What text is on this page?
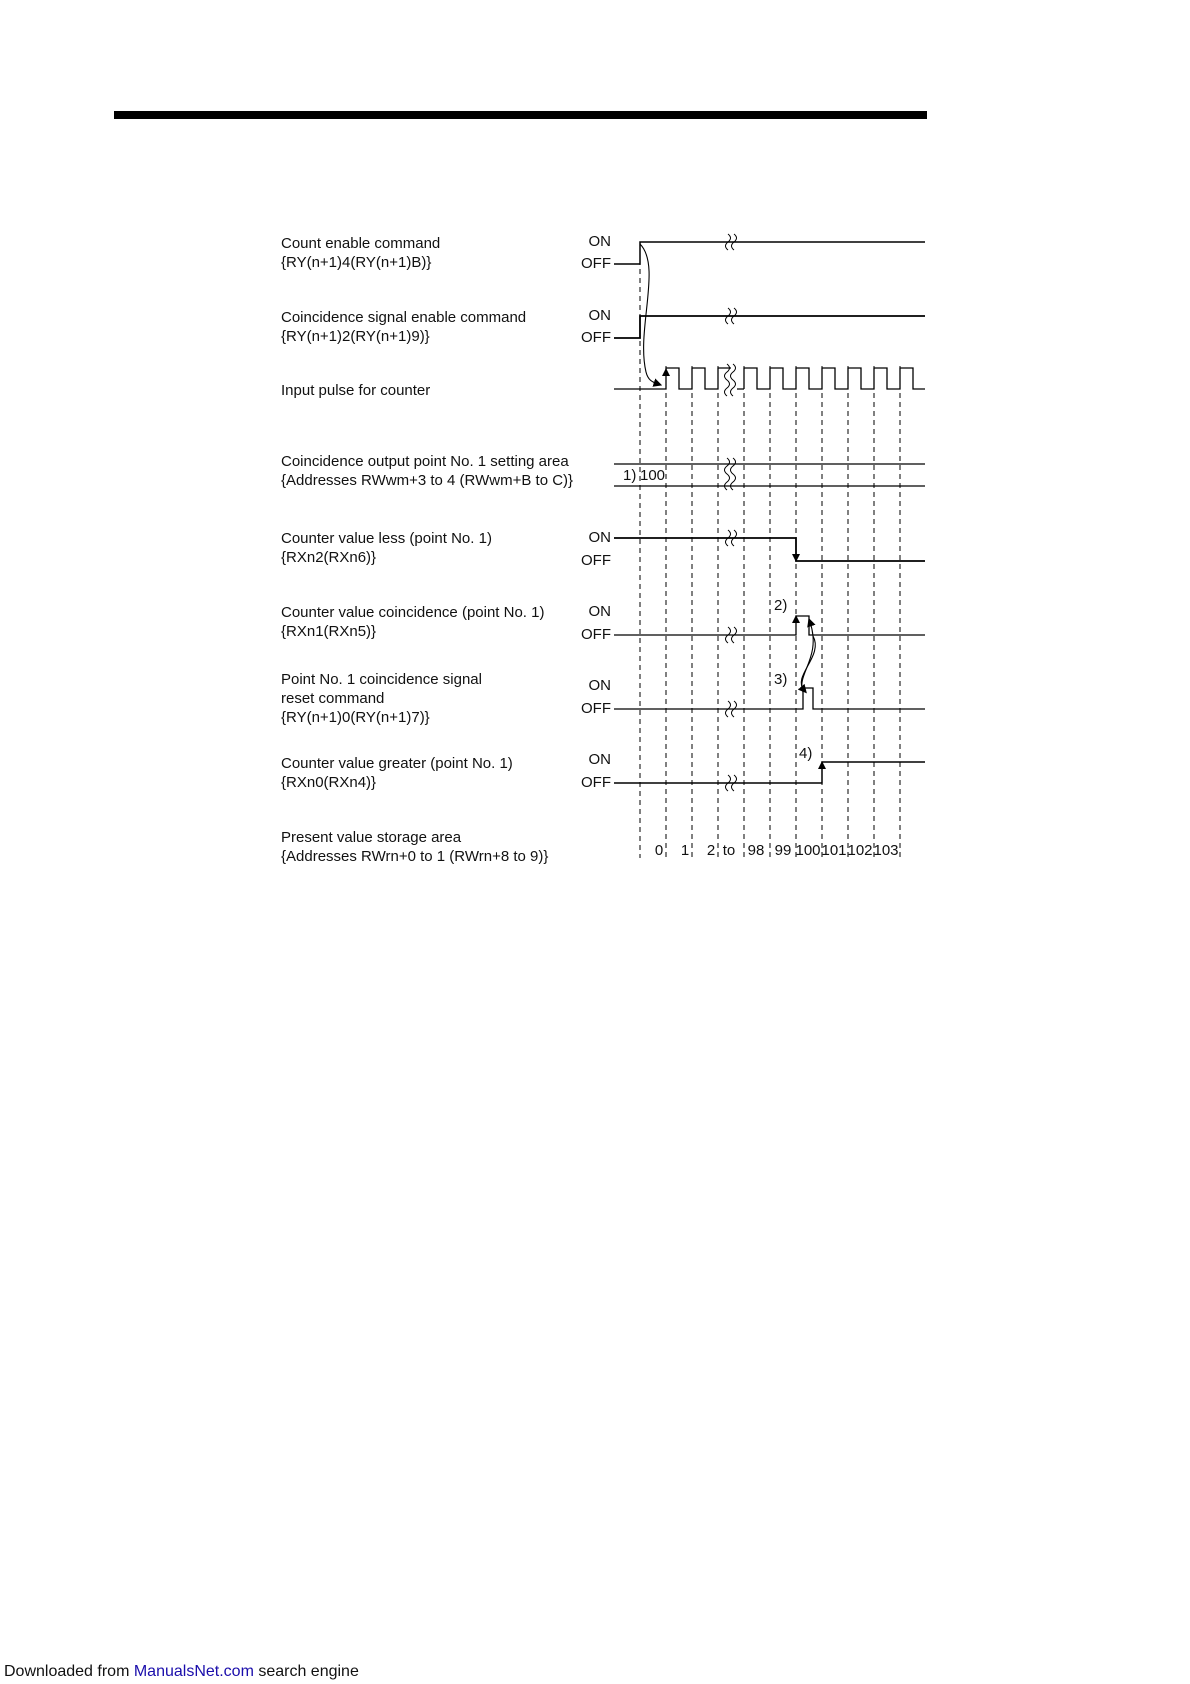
Count enable command
{RY(n+1)4(RY(n+1)B)}
Coincidence signal enable command
{RY(n+1)2(RY(n+1)9)}
Input pulse for counter
Coincidence output point No. 1 setting area
{Addresses RWwm+3 to 4 (RWwm+B to C)}
Counter value less (point No. 1)
{RXn2(RXn6)}
Counter value coincidence (point No. 1)
{RXn1(RXn5)}
Point No. 1 coincidence signal
reset command
{RY(n+1)0(RY(n+1)7)}
Counter value greater (point No. 1)
{RXn0(RXn4)}
Present value storage area
{Addresses RWrn+0 to 1 (RWrn+8 to 9)}
ON
OFF
ON
OFF
ON
OFF
ON
OFF
ON
OFF
ON
OFF
1) 100
2)
3)
4)
0 1 2 to 98 99 100 101 102 103
Downloaded from ManualsNet.com search engine
